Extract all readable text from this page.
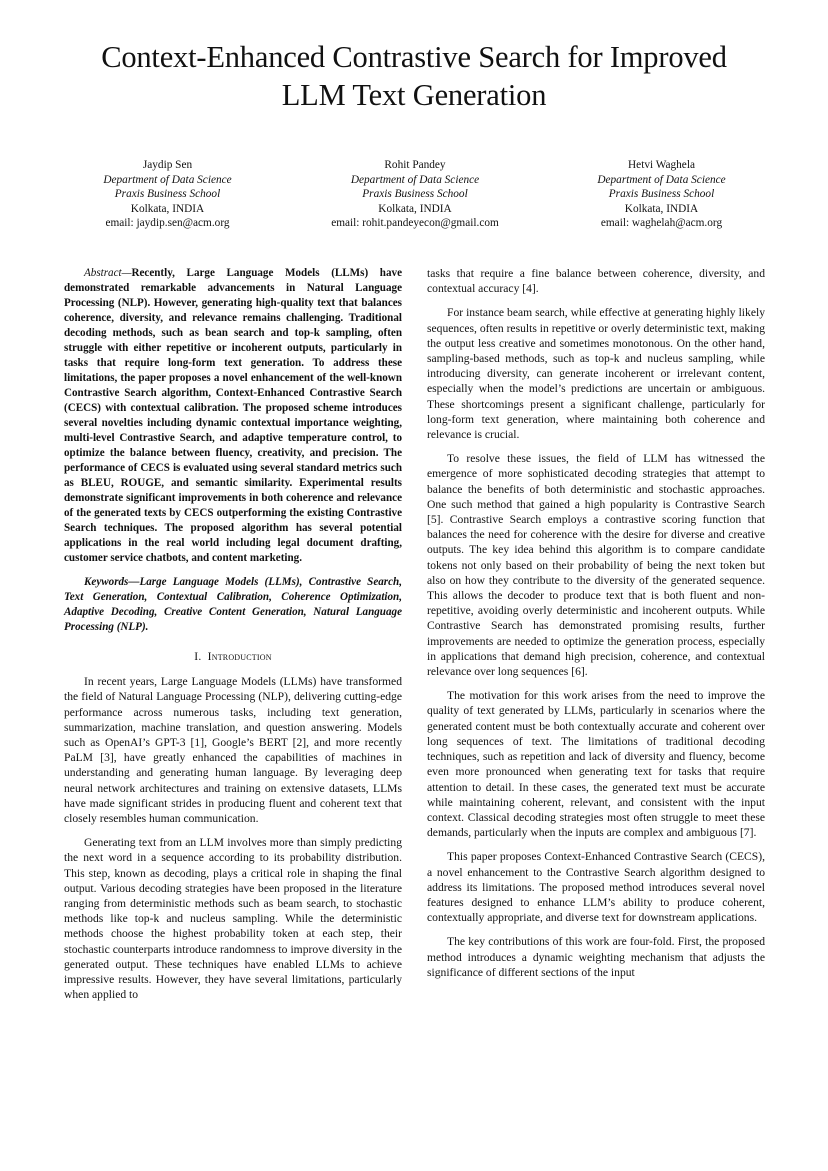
Context-Enhanced Contrastive Search for Improved
LLM Text Generation
Jaydip Sen
Department of Data Science
Praxis Business School
Kolkata, INDIA
email: jaydip.sen@acm.org
Rohit Pandey
Department of Data Science
Praxis Business School
Kolkata, INDIA
email: rohit.pandeyecon@gmail.com
Hetvi Waghela
Department of Data Science
Praxis Business School
Kolkata, INDIA
email: waghelah@acm.org

Abstract—Recently, Large Language Models (LLMs) have demonstrated remarkable advancements in Natural Language Processing (NLP). However, generating high-quality text that balances coherence, diversity, and relevance remains challenging. Traditional decoding methods, such as bean search and top-k sampling, often struggle with either repetitive or incoherent outputs, particularly in tasks that require long-form text generation. To address these limitations, the paper proposes a novel enhancement of the well-known Contrastive Search algorithm, Context-Enhanced Contrastive Search (CECS) with contextual calibration. The proposed scheme introduces several novelties including dynamic contextual importance weighting, multi-level Contrastive Search, and adaptive temperature control, to optimize the balance between fluency, creativity, and precision. The performance of CECS is evaluated using several standard metrics such as BLEU, ROUGE, and semantic similarity. Experimental results demonstrate significant improvements in both coherence and relevance of the generated texts by CECS outperforming the existing Contrastive Search techniques. The proposed algorithm has several potential applications in the real world including legal document drafting, customer service chatbots, and content marketing.

Keywords—Large Language Models (LLMs), Contrastive Search, Text Generation, Contextual Calibration, Coherence Optimization, Adaptive Decoding, Creative Content Generation, Natural Language Processing (NLP).

I. Introduction

In recent years, Large Language Models (LLMs) have transformed the field of Natural Language Processing (NLP), delivering cutting-edge performance across numerous tasks, including text generation, summarization, machine translation, and question answering. Models such as OpenAI’s GPT-3 [1], Google’s BERT [2], and more recently PaLM [3], have greatly enhanced the capabilities of machines in understanding and generating human language. By leveraging deep neural network architectures and training on extensive datasets, LLMs have made significant strides in producing fluent and coherent text that closely resembles human communication.

Generating text from an LLM involves more than simply predicting the next word in a sequence according to its probability distribution. This step, known as decoding, plays a critical role in shaping the final output. Various decoding strategies have been proposed in the literature ranging from deterministic methods such as beam search, to stochastic methods like top-k and nucleus sampling. While the deterministic methods choose the highest probability token at each step, their stochastic counterparts introduce randomness to improve diversity in the generated output. These techniques have enabled LLMs to achieve impressive results. However, they have several limitations, particularly when applied to

tasks that require a fine balance between coherence, diversity, and contextual accuracy [4].

For instance beam search, while effective at generating highly likely sequences, often results in repetitive or overly deterministic text, making the output less creative and sometimes monotonous. On the other hand, sampling-based methods, such as top-k and nucleus sampling, while introducing diversity, can generate incoherent or irrelevant content, especially when the model’s predictions are uncertain or ambiguous. These shortcomings present a significant challenge, particularly for long-form text generation, where maintaining both coherence and relevance is crucial.

To resolve these issues, the field of LLM has witnessed the emergence of more sophisticated decoding strategies that attempt to balance the benefits of both deterministic and stochastic approaches. One such method that gained a high popularity is Contrastive Search [5]. Contrastive Search employs a contrastive scoring function that balances the need for coherence with the desire for diverse and creative outputs. The key idea behind this algorithm is to compare candidate tokens not only based on their probability of being the next token but also on how they contribute to the diversity of the generated sequence. This allows the decoder to produce text that is both fluent and non-repetitive, avoiding overly deterministic and incoherent outputs. While Contrastive Search has demonstrated promising results, further improvements are needed to optimize the generation process, especially in applications that demand high precision, coherence, and contextual relevance over long sequences [6].

The motivation for this work arises from the need to improve the quality of text generated by LLMs, particularly in scenarios where the generated content must be both contextually accurate and coherent over long sequences of text. The limitations of traditional decoding techniques, such as repetition and lack of diversity and fluency, become even more pronounced when generating text for tasks that require attention to detail. In these cases, the generated text must be accurate while maintaining coherent, relevant, and consistent with the input context. Classical decoding strategies most often struggle to meet these demands, particularly when the inputs are complex and ambiguous [7].

This paper proposes Context-Enhanced Contrastive Search (CECS), a novel enhancement to the Contrastive Search algorithm designed to address its limitations. The proposed method introduces several novel features designed to enhance LLM’s ability to produce coherent, contextually appropriate, and diverse text for downstream applications.

The key contributions of this work are four-fold. First, the proposed method introduces a dynamic weighting mechanism that adjusts the significance of different sections of the input
